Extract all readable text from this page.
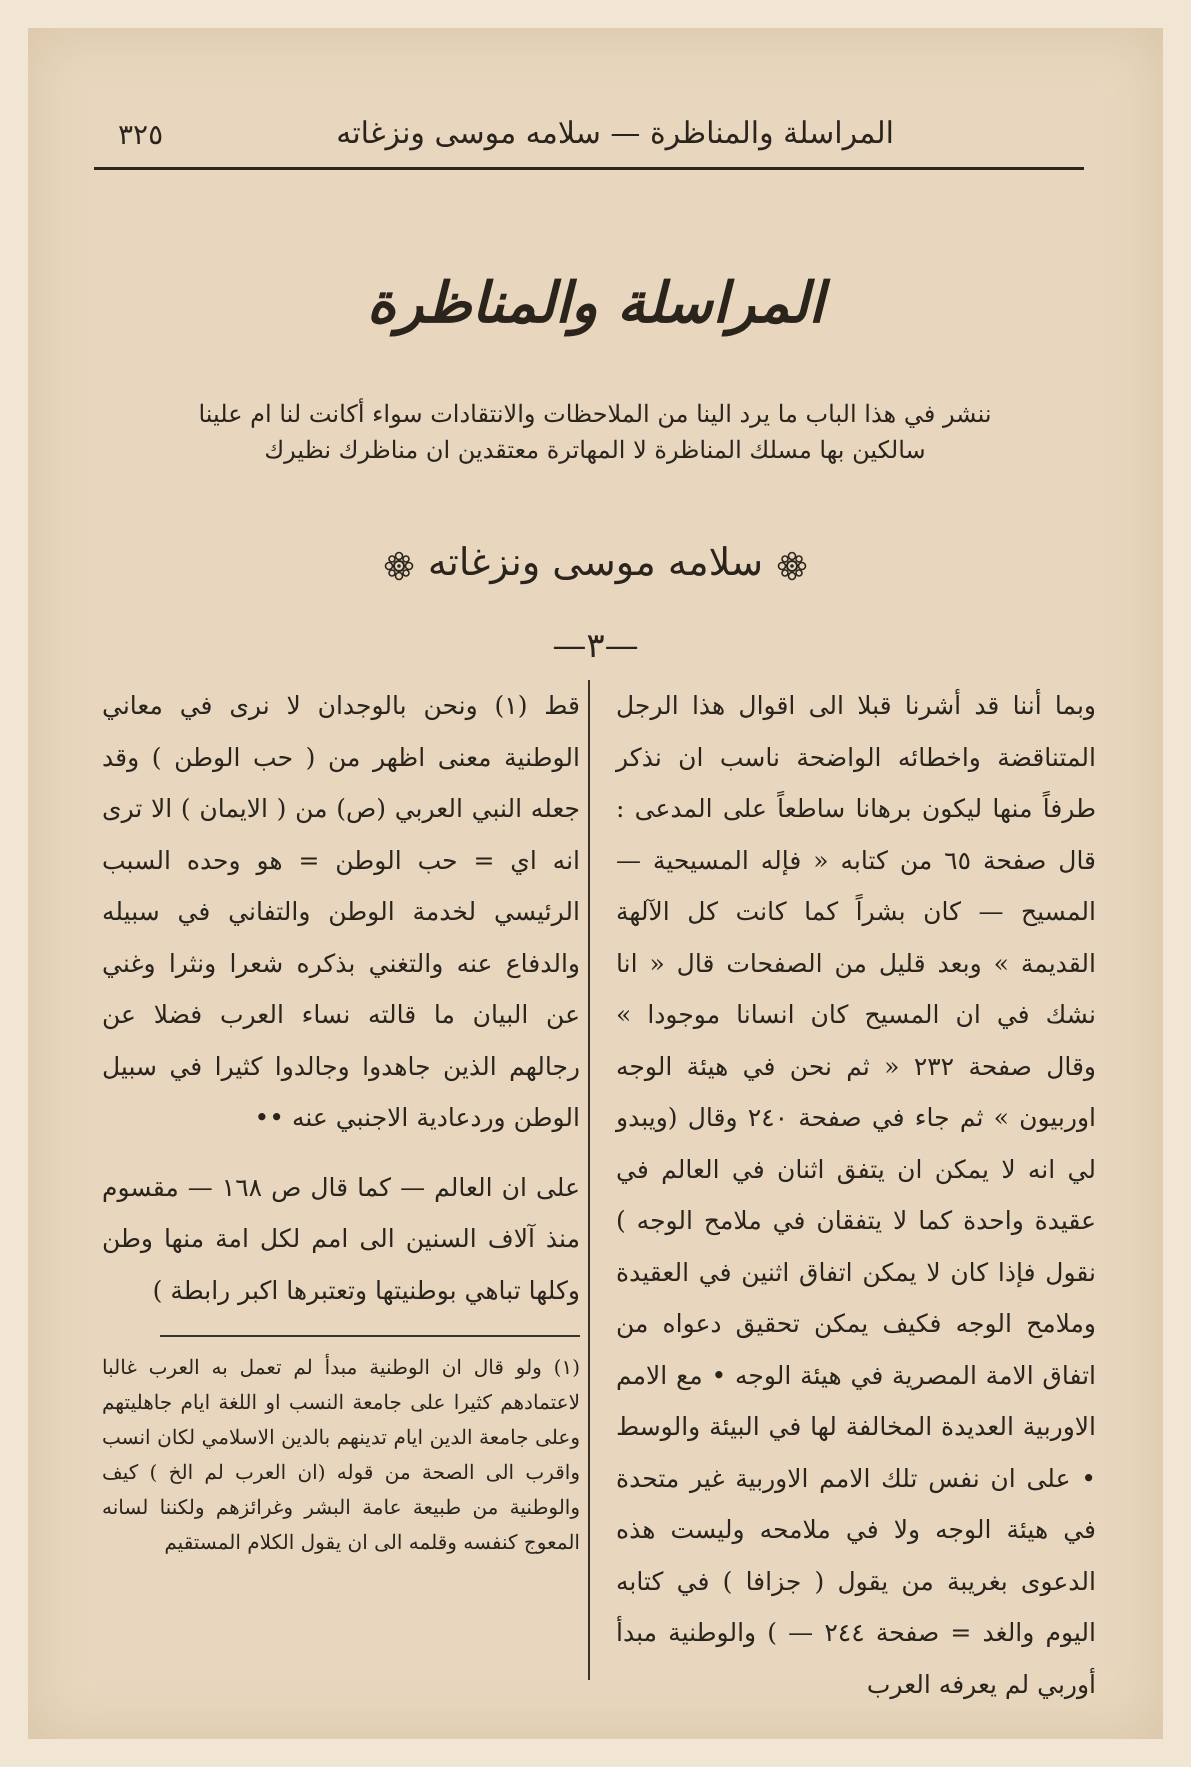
المراسلة والمناظرة — سلامه موسى ونزغاته
٣٢٥
المراسلة والمناظرة
ننشر في هذا الباب ما يرد الينا من الملاحظات والانتقادات سواء أكانت لنا ام علينا
سالكين بها مسلك المناظرة لا المهاترة معتقدين ان مناظرك نظيرك
سلامه موسى ونزغاته
—٣—

وبما أننا قد أشرنا قبلا الى اقوال هذا الرجل المتناقضة واخطائه الواضحة ناسب ان نذكر طرفاً منها ليكون برهانا ساطعاً على المدعى : قال صفحة ٦٥ من كتابه « فإله المسيحية — المسيح — كان بشراً كما كانت كل الآلهة القديمة » وبعد قليل من الصفحات قال « انا نشك في ان المسيح كان انسانا موجودا » وقال صفحة ٢٣٢ « ثم نحن في هيئة الوجه اوربيون » ثم جاء في صفحة ٢٤٠ وقال (ويبدو لي انه لا يمكن ان يتفق اثنان في العالم في عقيدة واحدة كما لا يتفقان في ملامح الوجه ) نقول فإذا كان لا يمكن اتفاق اثنين في العقيدة وملامح الوجه فكيف يمكن تحقيق دعواه من اتفاق الامة المصرية في هيئة الوجه • مع الامم الاوربية العديدة المخالفة لها في البيئة والوسط • على ان نفس تلك الامم الاوربية غير متحدة في هيئة الوجه ولا في ملامحه وليست هذه الدعوى بغريبة من يقول ( جزافا ) في كتابه اليوم والغد = صفحة ٢٤٤ — ) والوطنية مبدأ أوربي لم يعرفه العرب

قط (١) ونحن بالوجدان لا نرى في معاني الوطنية معنى اظهر من ( حب الوطن ) وقد جعله النبي العربي (ص) من ( الايمان ) الا ترى انه اي = حب الوطن = هو وحده السبب الرئيسي لخدمة الوطن والتفاني في سبيله والدفاع عنه والتغني بذكره شعرا ونثرا وغني عن البيان ما قالته نساء العرب فضلا عن رجالهم الذين جاهدوا وجالدوا كثيرا في سبيل الوطن وردعادية الاجنبي عنه ••

على ان العالم — كما قال ص ١٦٨ — مقسوم منذ آلاف السنين الى امم لكل امة منها وطن وكلها تباهي بوطنيتها وتعتبرها اكبر رابطة )

(١) ولو قال ان الوطنية مبدأ لم تعمل به العرب غالبا لاعتمادهم كثيرا على جامعة النسب او اللغة ايام جاهليتهم وعلى جامعة الدين ايام تدينهم بالدين الاسلامي لكان انسب واقرب الى الصحة من قوله (ان العرب لم الخ ) كيف والوطنية من طبيعة عامة البشر وغرائزهم ولكننا لسانه المعوج كنفسه وقلمه الى ان يقول الكلام المستقيم
